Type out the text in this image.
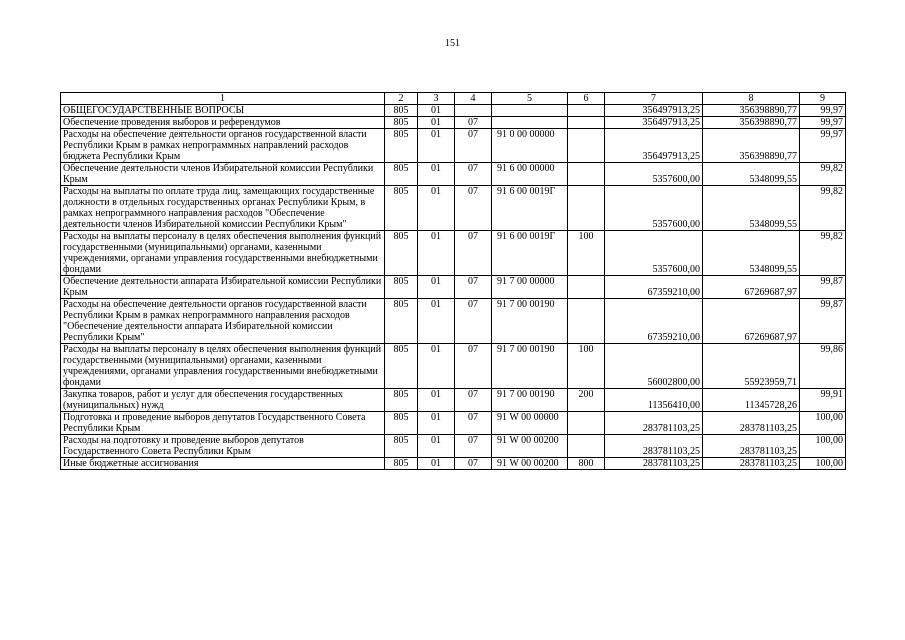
151
1	2	3	4	5	6	7	8	9
ОБЩЕГОСУДАРСТВЕННЫЕ ВОПРОСЫ	805	01				356497913,25	356398890,77	99,97
Обеспечение проведения выборов и референдумов	805	01	07			356497913,25	356398890,77	99,97
Расходы на обеспечение деятельности органов государственной власти Республики Крым в рамках непрограммных направлений расходов бюджета Республики Крым	805	01	07	91 0 00 00000		356497913,25	356398890,77	99,97
Обеспечение деятельности членов Избирательной комиссии Республики Крым	805	01	07	91 6 00 00000		5357600,00	5348099,55	99,82
Расходы на выплаты по оплате труда лиц, замещающих государственные должности в отдельных государственных органах Республики Крым, в рамках непрограммного направления расходов "Обеспечение деятельности членов Избирательной комиссии Республики Крым"	805	01	07	91 6 00 0019Г		5357600,00	5348099,55	99,82
Расходы на выплаты персоналу в целях обеспечения выполнения функций государственными (муниципальными) органами, казенными учреждениями, органами управления государственными внебюджетными фондами	805	01	07	91 6 00 0019Г	100	5357600,00	5348099,55	99,82
Обеспечение деятельности аппарата Избирательной комиссии Республики Крым	805	01	07	91 7 00 00000		67359210,00	67269687,97	99,87
Расходы на обеспечение деятельности органов государственной власти Республики Крым в рамках непрограммного направления расходов "Обеспечение деятельности аппарата Избирательной комиссии Республики Крым"	805	01	07	91 7 00 00190		67359210,00	67269687,97	99,87
Расходы на выплаты персоналу в целях обеспечения выполнения функций государственными (муниципальными) органами, казенными учреждениями, органами управления государственными внебюджетными фондами	805	01	07	91 7 00 00190	100	56002800,00	55923959,71	99,86
Закупка товаров, работ и услуг для обеспечения государственных (муниципальных) нужд	805	01	07	91 7 00 00190	200	11356410,00	11345728,26	99,91
Подготовка и проведение выборов депутатов Государственного Совета Республики Крым	805	01	07	91 W 00 00000		283781103,25	283781103,25	100,00
Расходы на подготовку и проведение выборов депутатов Государственного Совета Республики Крым	805	01	07	91 W 00 00200		283781103,25	283781103,25	100,00
Иные бюджетные ассигнования	805	01	07	91 W 00 00200	800	283781103,25	283781103,25	100,00
